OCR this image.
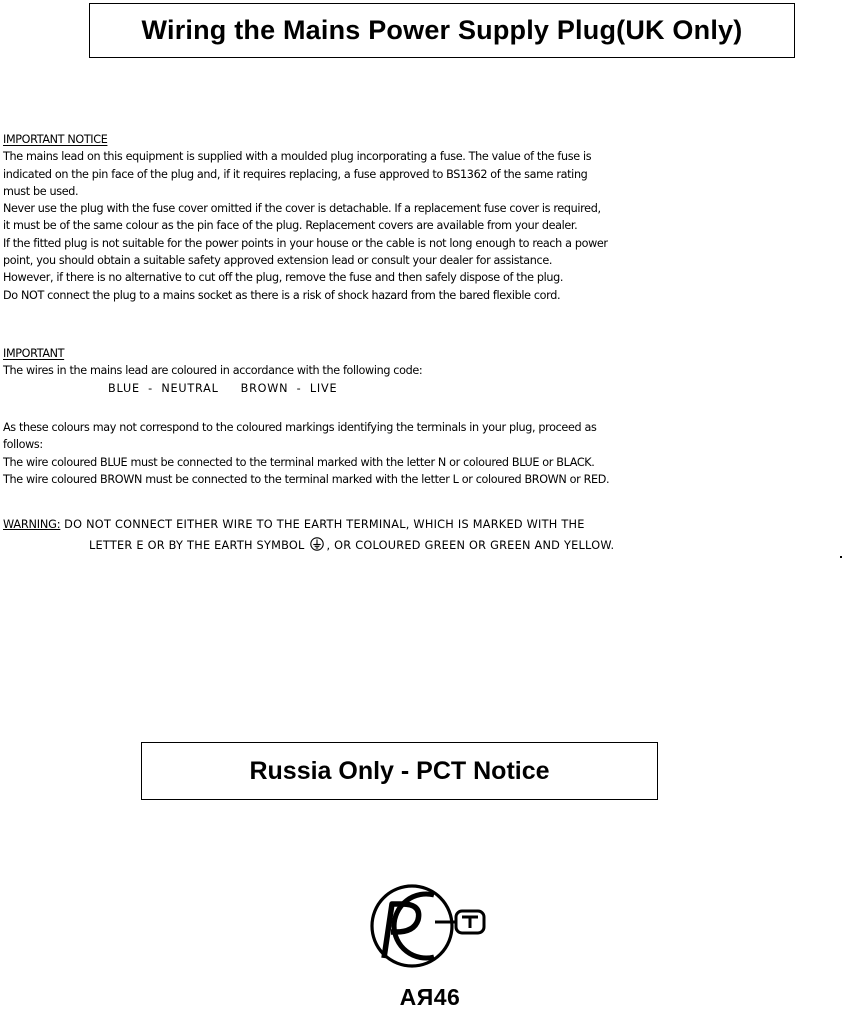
Wiring the Mains Power Supply Plug(UK Only)
IMPORTANT NOTICE

The mains lead on this equipment is supplied with a moulded plug incorporating a fuse. The value of the fuse is

indicated on the pin face of the plug and, if it requires replacing, a fuse approved to BS1362 of the same rating

must be used.

Never use the plug with the fuse cover omitted if the cover is detachable. If a replacement fuse cover is required,

it must be of the same colour as the pin face of the plug. Replacement covers are available from your dealer.

If the fitted plug is not suitable for the power points in your house or the cable is not long enough to reach a power

point, you should obtain a suitable safety approved extension lead or consult your dealer for assistance.

However, if there is no alternative to cut off the plug, remove the fuse and then safely dispose of the plug.

Do NOT connect the plug to a mains socket as there is a risk of shock hazard from the bared flexible cord.

IMPORTANT

The wires in the mains lead are coloured in accordance with the following code:

BLUE - NEUTRAL BROWN - LIVE

As these colours may not correspond to the coloured markings identifying the terminals in your plug, proceed as

follows:

The wire coloured BLUE must be connected to the terminal marked with the letter N or coloured BLUE or BLACK.

The wire coloured BROWN must be connected to the terminal marked with the letter L or coloured BROWN or RED.

WARNING: DO NOT CONNECT EITHER WIRE TO THE EARTH TERMINAL, WHICH IS MARKED WITH THE
LETTER E OR BY THE EARTH SYMBOL , OR COLOURED GREEN OR GREEN AND YELLOW.
Russia Only - PCT Notice
AЯ46
